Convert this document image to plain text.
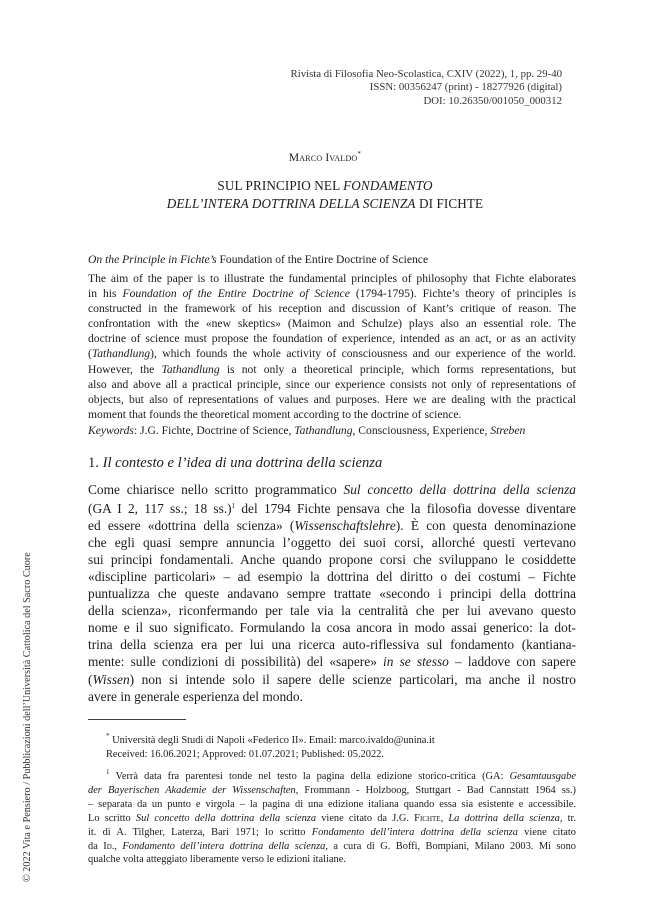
© 2022 Vita e Pensiero / Pubblicazioni dell’Università Cattolica del Sacro Cuore
Rivista di Filosofia Neo-Scolastica, CXIV (2022), 1, pp. 29-40
ISSN: 00356247 (print) - 18277926 (digital)
DOI: 10.26350/001050_000312
Marco Ivaldo*
SUL PRINCIPIO NEL FONDAMENTO
DELL’INTERA DOTTRINA DELLA SCIENZA DI FICHTE
On the Principle in Fichte’s Foundation of the Entire Doctrine of Science
The aim of the paper is to illustrate the fundamental principles of philosophy that Fichte elaborates
in his Foundation of the Entire Doctrine of Science (1794-1795). Fichte’s theory of principles is
constructed in the framework of his reception and discussion of Kant’s critique of reason. The
confrontation with the «new skeptics» (Maimon and Schulze) plays also an essential role. The
doctrine of science must propose the foundation of experience, intended as an act, or as an activity
(Tathandlung), which founds the whole activity of consciousness and our experience of the world.
However, the Tathandlung is not only a theoretical principle, which forms representations, but
also and above all a practical principle, since our experience consists not only of representations of
objects, but also of representations of values and purposes. Here we are dealing with the practical
moment that founds the theoretical moment according to the doctrine of science.
Keywords: J.G. Fichte, Doctrine of Science, Tathandlung, Consciousness, Experience, Streben
1. Il contesto e l’idea di una dottrina della scienza
Come chiarisce nello scritto programmatico Sul concetto della dottrina della scienza
(GA I 2, 117 ss.; 18 ss.)$^1$ del 1794 Fichte pensava che la filosofia dovesse diventare
ed essere «dottrina della scienza» (Wissenschaftslehre). È con questa denominazione
che egli quasi sempre annuncia l’oggetto dei suoi corsi, allorché questi vertevano
sui principi fondamentali. Anche quando propone corsi che sviluppano le cosiddette
«discipline particolari» – ad esempio la dottrina del diritto o dei costumi – Fichte
puntualizza che queste andavano sempre trattate «secondo i principi della dottrina
della scienza», riconfermando per tale via la centralità che per lui avevano questo
nome e il suo significato. Formulando la cosa ancora in modo assai generico: la dot-
trina della scienza era per lui una ricerca auto-riflessiva sul fondamento (kantiana-
mente: sulle condizioni di possibilità) del «sapere» in se stesso – laddove con sapere
(Wissen) non si intende solo il sapere delle scienze particolari, ma anche il nostro
avere in generale esperienza del mondo.
* Università degli Studi di Napoli «Federico II». Email: marco.ivaldo@unina.it
Received: 16.06.2021; Approved: 01.07.2021; Published: 05.2022.
$^1$ Verrà data fra parentesi tonde nel testo la pagina della edizione storico-critica (GA: Gesamtausgabe
der Bayerischen Akademie der Wissenschaften, Frommann - Holzboog, Stuttgart - Bad Cannstatt 1964 ss.)
– separata da un punto e virgola – la pagina di una edizione italiana quando essa sia esistente e accessibile.
Lo scritto Sul concetto della dottrina della scienza viene citato da J.G. Fichte, La dottrina della scienza, tr.
it. di A. Tilgher, Laterza, Bari 1971; lo scritto Fondamento dell’intera dottrina della scienza viene citato
da Id., Fondamento dell’intera dottrina della scienza, a cura di G. Boffi, Bompiani, Milano 2003. Mi sono
qualche volta atteggiato liberamente verso le edizioni italiane.
